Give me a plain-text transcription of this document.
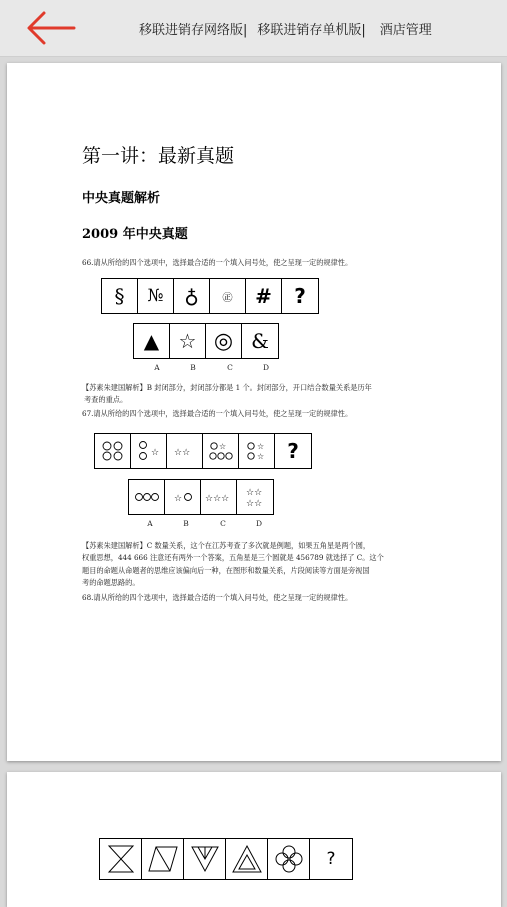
移联进销存网络版| 移联进销存单机版| 酒店管理
第一讲：最新真题
中央真题解析
2009 年中央真题
66.请从所给的四个选项中，选择最合适的一个填入问号处，使之呈现一定的规律性。
§	№	♁	㊣	#	?
▲ ☆ ◎ &
A	B	C	D
【苏素朱建国解析】B 封闭部分，封闭部分都是 1 个。封闭部分，开口结合数量关系是历年
考查的重点。
67.请从所给的四个选项中，选择最合适的一个填入问号处，使之呈现一定的规律性。
☆ ☆☆
☆	☆
☆	?
☆	☆☆☆
☆☆
☆☆
A	B	C	D
【苏素朱建国解析】C 数量关系，这个在江苏考查了多次就是例题，如果五角星是两个圆，
权重思想，444 666 注意还有两外一个答案，五角星是三个圆就是 456789 就选择了 C。这个
题目的命题从命题者的思维应该偏向后一种，在图形和数量关系，片段阅读等方面是旁视国
考的命题思路的。
68.请从所给的四个选项中，选择最合适的一个填入问号处，使之呈现一定的规律性。
?
